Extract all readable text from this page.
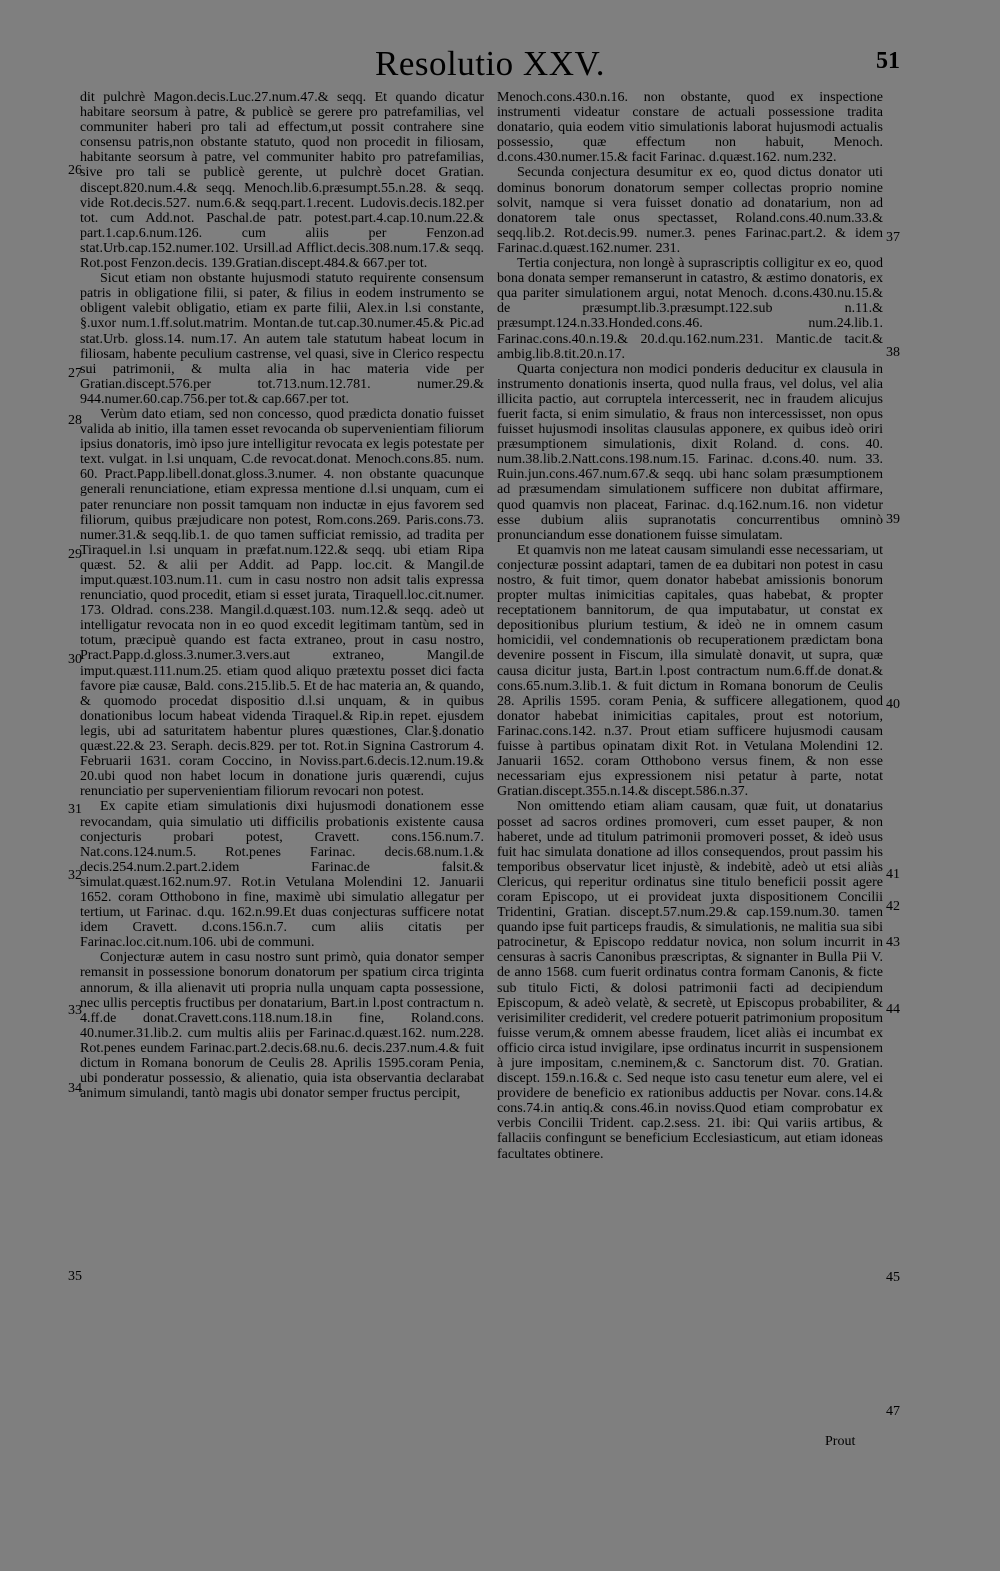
Resolutio XXV.	51

dit pulchrè Magon.decis.Luc.27.num.47.& seqq. Et quando dicatur habitare seorsum à patre, & publicè se gerere pro patrefamilias, vel communiter haberi pro tali ad effectum,ut possit contrahere sine consensu patris,non obstante statuto, quod non procedit in filiosam, habitante seorsum à patre, vel communiter habito pro patrefamilias, sive pro tali se publicè gerente, ut pulchrè docet Gratian. discept.820.num.4.& seqq. Menoch.lib.6.præsumpt.55.n.28. & seqq. vide Rot.decis.527. num.6.& seqq.part.1.recent. Ludovis.decis.182.per tot. cum Add.not. Paschal.de patr. potest.part.4.cap.10.num.22.& part.1.cap.6.num.126. cum aliis per Fenzon.ad stat.Urb.cap.152.numer.102. Ursill.ad Afflict.decis.308.num.17.& seqq. Rot.post Fenzon.decis. 139.Gratian.discept.484.& 667.per tot.

Sicut etiam non obstante hujusmodi statuto requirente consensum patris in obligatione filii, si pater, & filius in eodem instrumento se obligent valebit obligatio, etiam ex parte filii, Alex.in l.si constante, §.uxor num.1.ff.solut.matrim. Montan.de tut.cap.30.numer.45.& Pic.ad stat.Urb. gloss.14. num.17. An autem tale statutum habeat locum in filiosam, habente peculium castrense, vel quasi, sive in Clerico respectu sui patrimonii, & multa alia in hac materia vide per Gratian.discept.576.per tot.713.num.12.781. numer.29.& 944.numer.60.cap.756.per tot.& cap.667.per tot.

Verùm dato etiam, sed non concesso, quod prædicta donatio fuisset valida ab initio, illa tamen esset revocanda ob supervenientiam filiorum ipsius donatoris, imò ipso jure intelligitur revocata ex legis potestate per text. vulgat. in l.si unquam, C.de revocat.donat. Menoch.cons.85. num. 60. Pract.Papp.libell.donat.gloss.3.numer. 4. non obstante quacunque generali renunciatione, etiam expressa mentione d.l.si unquam, cum ei pater renunciare non possit tamquam non inductæ in ejus favorem sed filiorum, quibus præjudicare non potest, Rom.cons.269. Paris.cons.73. numer.31.& seqq.lib.1. de quo tamen sufficiat remissio, ad tradita per Tiraquel.in l.si unquam in præfat.num.122.& seqq. ubi etiam Ripa quæst. 52. & alii per Addit. ad Papp. loc.cit. & Mangil.de imput.quæst.103.num.11. cum in casu nostro non adsit talis expressa renunciatio, quod procedit, etiam si esset jurata, Tiraquell.loc.cit.numer. 173. Oldrad. cons.238. Mangil.d.quæst.103. num.12.& seqq. adeò ut intelligatur revocata non in eo quod excedit legitimam tantùm, sed in totum, præcipuè quando est facta extraneo, prout in casu nostro, Pract.Papp.d.gloss.3.numer.3.vers.aut extraneo, Mangil.de imput.quæst.111.num.25. etiam quod aliquo prætextu posset dici facta favore piæ causæ, Bald. cons.215.lib.5. Et de hac materia an, & quando, & quomodo procedat dispositio d.l.si unquam, & in quibus donationibus locum habeat videnda Tiraquel.& Rip.in repet. ejusdem legis, ubi ad saturitatem habentur plures quæstiones, Clar.§.donatio quæst.22.& 23. Seraph. decis.829. per tot. Rot.in Signina Castrorum 4. Februarii 1631. coram Coccino, in Noviss.part.6.decis.12.num.19.& 20.ubi quod non habet locum in donatione juris quærendi, cujus renunciatio per supervenientiam filiorum revocari non potest.

Ex capite etiam simulationis dixi hujusmodi donationem esse revocandam, quia simulatio uti difficilis probationis existente causa conjecturis probari potest, Cravett. cons.156.num.7. Nat.cons.124.num.5. Rot.penes Farinac. decis.68.num.1.& decis.254.num.2.part.2.idem Farinac.de falsit.& simulat.quæst.162.num.97. Rot.in Vetulana Molendini 12. Januarii 1652. coram Otthobono in fine, maximè ubi simulatio allegatur per tertium, ut Farinac. d.qu. 162.n.99.Et duas conjecturas sufficere notat idem Cravett. d.cons.156.n.7. cum aliis citatis per Farinac.loc.cit.num.106. ubi de communi.

Conjecturæ autem in casu nostro sunt primò, quia donator semper remansit in possessione bonorum donatorum per spatium circa triginta annorum, & illa alienavit uti propria nulla unquam capta possessione, nec ullis perceptis fructibus per donatarium, Bart.in l.post contractum n. 4.ff.de donat.Cravett.cons.118.num.18.in fine, Roland.cons. 40.numer.31.lib.2. cum multis aliis per Farinac.d.quæst.162. num.228. Rot.penes eundem Farinac.part.2.decis.68.nu.6. decis.237.num.4.& fuit dictum in Romana bonorum de Ceulis 28. Aprilis 1595.coram Penia, ubi ponderatur possessio, & alienatio, quia ista observantia declarabat animum simulandi, tantò magis ubi donator semper fructus percipit,

Menoch.cons.430.n.16. non obstante, quod ex inspectione instrumenti videatur constare de actuali possessione tradita donatario, quia eodem vitio simulationis laborat hujusmodi actualis possessio, quæ effectum non habuit, Menoch. d.cons.430.numer.15.& facit Farinac. d.quæst.162. num.232.

Secunda conjectura desumitur ex eo, quod dictus donator uti dominus bonorum donatorum semper collectas proprio nomine solvit, namque si vera fuisset donatio ad donatarium, non ad donatorem tale onus spectasset, Roland.cons.40.num.33.& seqq.lib.2. Rot.decis.99. numer.3. penes Farinac.part.2. & idem Farinac.d.quæst.162.numer. 231.

Tertia conjectura, non longè à suprascriptis colligitur ex eo, quod bona donata semper remanserunt in catastro, & æstimo donatoris, ex qua pariter simulationem argui, notat Menoch. d.cons.430.nu.15.& de præsumpt.lib.3.præsumpt.122.sub n.11.& præsumpt.124.n.33.Honded.cons.46. num.24.lib.1. Farinac.cons.40.n.19.& 20.d.qu.162.num.231. Mantic.de tacit.& ambig.lib.8.tit.20.n.17.

Quarta conjectura non modici ponderis deducitur ex clausula in instrumento donationis inserta, quod nulla fraus, vel dolus, vel alia illicita pactio, aut corruptela intercesserit, nec in fraudem alicujus fuerit facta, si enim simulatio, & fraus non intercessisset, non opus fuisset hujusmodi insolitas clausulas apponere, ex quibus ideò oriri præsumptionem simulationis, dixit Roland. d. cons. 40. num.38.lib.2.Natt.cons.198.num.15. Farinac. d.cons.40. num. 33. Ruin.jun.cons.467.num.67.& seqq. ubi hanc solam præsumptionem ad præsumendam simulationem sufficere non dubitat affirmare, quod quamvis non placeat, Farinac. d.q.162.num.16. non videtur esse dubium aliis supranotatis concurrentibus omninò pronunciandum esse donationem fuisse simulatam.

Et quamvis non me lateat causam simulandi esse necessariam, ut conjecturæ possint adaptari, tamen de ea dubitari non potest in casu nostro, & fuit timor, quem donator habebat amissionis bonorum propter multas inimicitias capitales, quas habebat, & propter receptationem bannitorum, de qua imputabatur, ut constat ex depositionibus plurium testium, & ideò ne in omnem casum homicidii, vel condemnationis ob recuperationem prædictam bona devenire possent in Fiscum, illa simulatè donavit, ut supra, quæ causa dicitur justa, Bart.in l.post contractum num.6.ff.de donat.& cons.65.num.3.lib.1. & fuit dictum in Romana bonorum de Ceulis 28. Aprilis 1595. coram Penia, & sufficere allegationem, quod donator habebat inimicitias capitales, prout est notorium, Farinac.cons.142. n.37. Prout etiam sufficere hujusmodi causam fuisse à partibus opinatam dixit Rot. in Vetulana Molendini 12. Januarii 1652. coram Otthobono versus finem, & non esse necessariam ejus expressionem nisi petatur à parte, notat Gratian.discept.355.n.14.& discept.586.n.37.

Non omittendo etiam aliam causam, quæ fuit, ut donatarius posset ad sacros ordines promoveri, cum esset pauper, & non haberet, unde ad titulum patrimonii promoveri posset, & ideò usus fuit hac simulata donatione ad illos consequendos, prout passim his temporibus observatur licet injustè, & indebitè, adeò ut etsi aliàs Clericus, qui reperitur ordinatus sine titulo beneficii possit agere coram Episcopo, ut ei provideat juxta dispositionem Concilii Tridentini, Gratian. discept.57.num.29.& cap.159.num.30. tamen quando ipse fuit particeps fraudis, & simulationis, ne malitia sua sibi patrocinetur, & Episcopo reddatur novica, non solum incurrit in censuras à sacris Canonibus præscriptas, & signanter in Bulla Pii V. de anno 1568. cum fuerit ordinatus contra formam Canonis, & ficte sub titulo Ficti, & dolosi patrimonii facti ad decipiendum Episcopum, & adeò velatè, & secretè, ut Episcopus probabiliter, & verisimiliter crediderit, vel credere potuerit patrimonium propositum fuisse verum,& omnem abesse fraudem, licet aliàs ei incumbat ex officio circa istud invigilare, ipse ordinatus incurrit in suspensionem à jure impositam, c.neminem,& c. Sanctorum dist. 70. Gratian. discept. 159.n.16.& c. Sed neque isto casu tenetur eum alere, vel ei providere de beneficio ex rationibus adductis per Novar. cons.14.& cons.74.in antiq.& cons.46.in noviss.Quod etiam comprobatur ex verbis Concilii Trident. cap.2.sess. 21. ibi: Qui variis artibus, & fallaciis confingunt se beneficium Ecclesiasticum, aut etiam idoneas facultates obtinere.

26
27
28
29
30
31
32
33
34
35
37
38
39
40
41
42
43
44
45
47
Prout
